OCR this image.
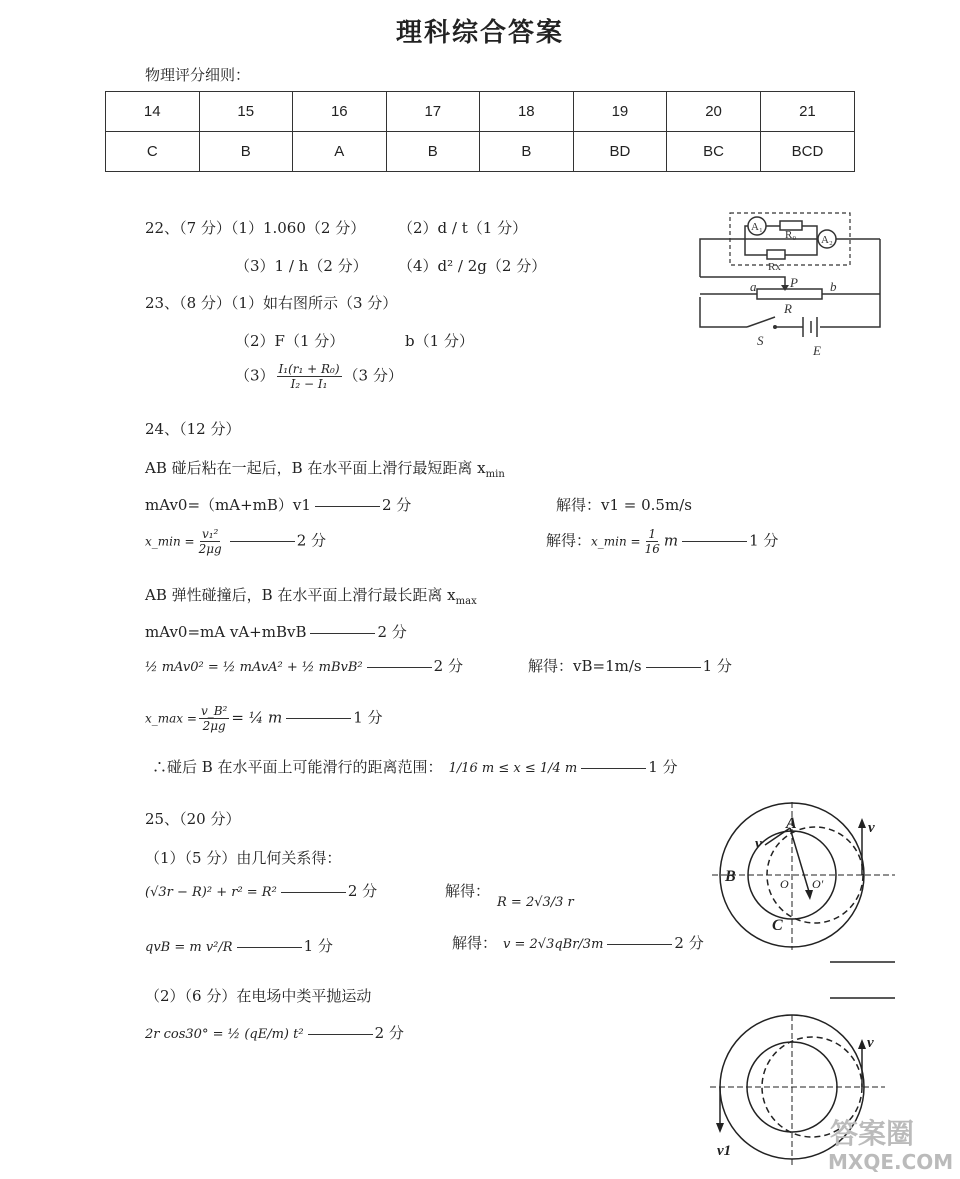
理科综合答案
物理评分细则：
14	15	16	17	18	19	20	21
C	B	A	B	B	BD	BC	BCD
22、（7 分）（1）1.060（2 分） （2）d / t（1 分）
（3）1 / h（2 分） （4）d² / 2g（2 分）
23、（8 分）（1）如右图所示（3 分）
（2）F（1 分）	b（1 分）
$(3) \frac{\text{I₁(r₁ + R₀)}}{\text{I₂ − I₁}} (3$ 分）
A₁
R₀ A₂
Rx
P
a	b
R
S
E
24、（12 分）
AB 碰后粘在一起后，B 在水平面上滑行最短距离 $x_{min}$
mAv0=（mA+mB）v1	2 分	解得：v1 = 0.5m/s
x_min = $\frac{\text{v₁²}}{2\mu g}$	2 分	解得：x_min = $\frac{1}{16}$ m	1 分
AB 弹性碰撞后，B 在水平面上滑行最长距离 $x_{max}$
mAv0=mA vA+mBvB	2 分
½ mAv0² = ½ mAvA² + ½ mBvB²	2 分	解得：vB=1m/s	1 分
x_max = $\frac{\text{v\_B²}}{2\mu g}$ = ¼ m	1 分
∴碰后 B 在水平面上可能滑行的距离范围： 1/16 m ≤ x ≤ 1/4 m	1 分
25、（20 分）
（1）（5 分）由几何关系得：
(√3r − R)² + r² = R²	2 分	解得：
R = 2√3/3 r
qvB = m v²/R	1 分	解得： v = 2√3qBr/3m	2 分
（2）（6 分）在电场中类平抛运动
2r cos30° = ½ (qE/m) t²	2 分
A
B
C
v
v
O O'
v
v1
答案圈
MXQE.COM
